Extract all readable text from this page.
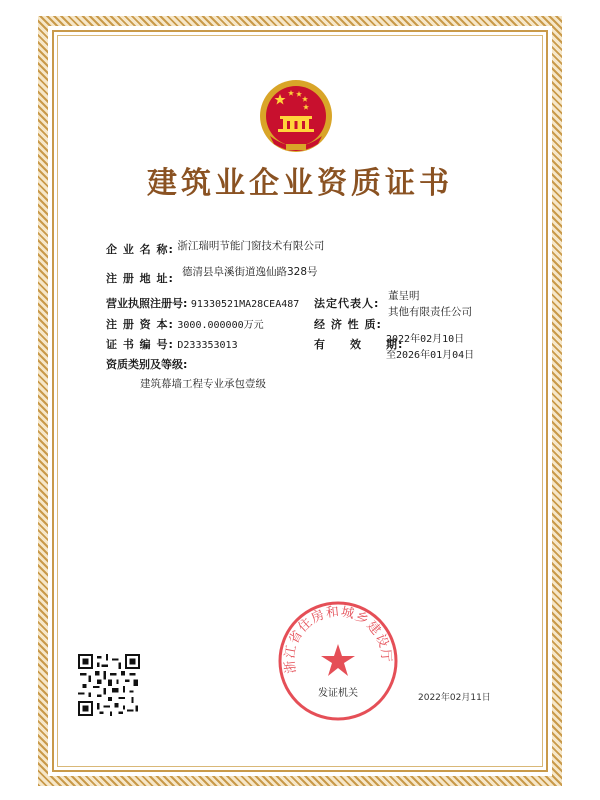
建筑业企业资质证书
企 业 名 称: 浙江瑞明节能门窗技术有限公司
注 册 地 址: 德清县阜溪街道逸仙路328号
营业执照注册号: 91330521MA28CEA487
注 册 资 本: 3000.000000万元
证 书 编 号: D233353013
资质类别及等级:
建筑幕墙工程专业承包壹级
法定代表人:
董呈明
其他有限责任公司
经 济 性 质:
有　　效　　期:
2022年02月10日
至2026年01月04日
浙江省住房和城乡建设厅
发证机关	2022年02月11日
